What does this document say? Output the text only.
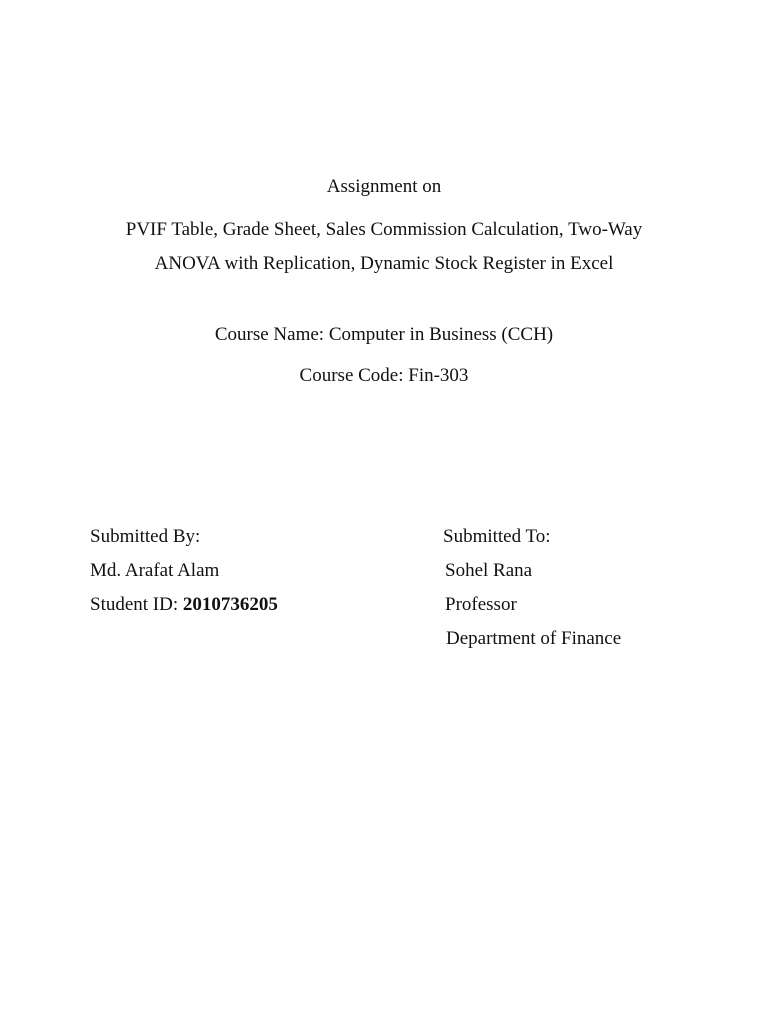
Assignment on
PVIF Table, Grade Sheet, Sales Commission Calculation, Two-Way
ANOVA with Replication, Dynamic Stock Register in Excel
Course Name: Computer in Business (CCH)
Course Code: Fin-303
Submitted By:
Md. Arafat Alam
Student ID: 2010736205
Submitted To:
Sohel Rana
Professor
Department of Finance
